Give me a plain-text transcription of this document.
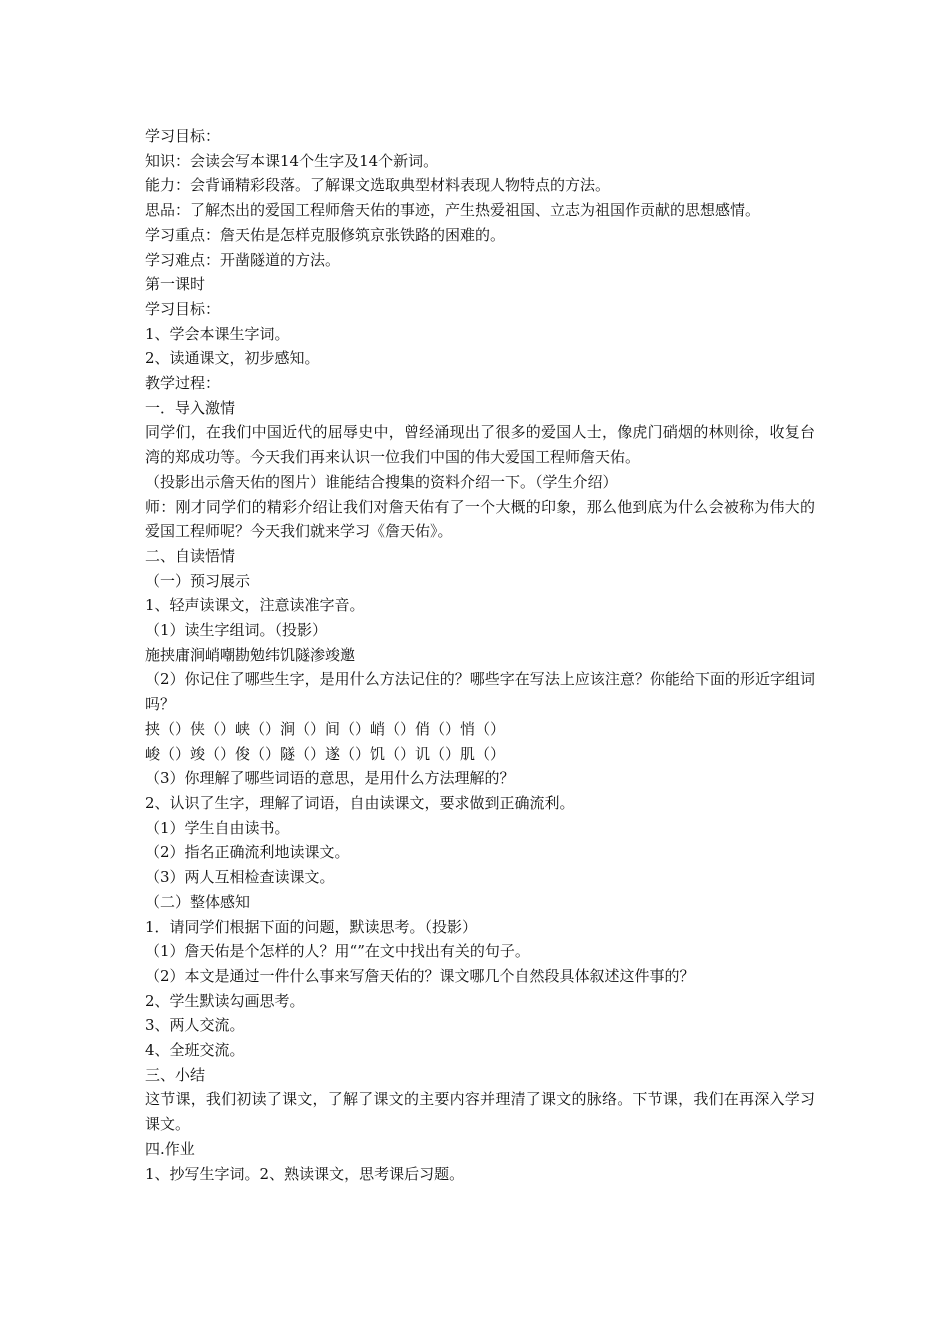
学习目标：
知识：会读会写本课14个生字及14个新词。
能力：会背诵精彩段落。了解课文选取典型材料表现人物特点的方法。
思品：了解杰出的爱国工程师詹天佑的事迹，产生热爱祖国、立志为祖国作贡献的思想感情。
学习重点：詹天佑是怎样克服修筑京张铁路的困难的。
学习难点：开凿隧道的方法。
第一课时
学习目标：
1、学会本课生字词。
2、读通课文，初步感知。
教学过程：
一．导入激情
同学们，在我们中国近代的屈辱史中，曾经涌现出了很多的爱国人士，像虎门硝烟的林则徐，收复台湾的郑成功等。今天我们再来认识一位我们中国的伟大爱国工程师詹天佑。
（投影出示詹天佑的图片）谁能结合搜集的资料介绍一下。（学生介绍）
师：刚才同学们的精彩介绍让我们对詹天佑有了一个大概的印象，那么他到底为什么会被称为伟大的爱国工程师呢？今天我们就来学习《詹天佑》。
二、自读悟情
（一）预习展示
1、轻声读课文，注意读准字音。
（1）读生字组词。（投影）
施挟庸涧峭嘲勘勉纬饥隧渗竣邀
（2）你记住了哪些生字，是用什么方法记住的？哪些字在写法上应该注意？你能给下面的形近字组词吗？
挟（）侠（）峡（）涧（）间（）峭（）俏（）悄（）
峻（）竣（）俊（）隧（）遂（）饥（）讥（）肌（）
（3）你理解了哪些词语的意思，是用什么方法理解的？
2、认识了生字，理解了词语，自由读课文，要求做到正确流利。
（1）学生自由读书。
（2）指名正确流利地读课文。
（3）两人互相检查读课文。
（二）整体感知
1．请同学们根据下面的问题，默读思考。（投影）
（1）詹天佑是个怎样的人？用“”在文中找出有关的句子。
（2）本文是通过一件什么事来写詹天佑的？课文哪几个自然段具体叙述这件事的？
2、学生默读勾画思考。
3、两人交流。
4、全班交流。
三、小结
这节课，我们初读了课文，了解了课文的主要内容并理清了课文的脉络。下节课，我们在再深入学习课文。
四.作业
1、抄写生字词。2、熟读课文，思考课后习题。
